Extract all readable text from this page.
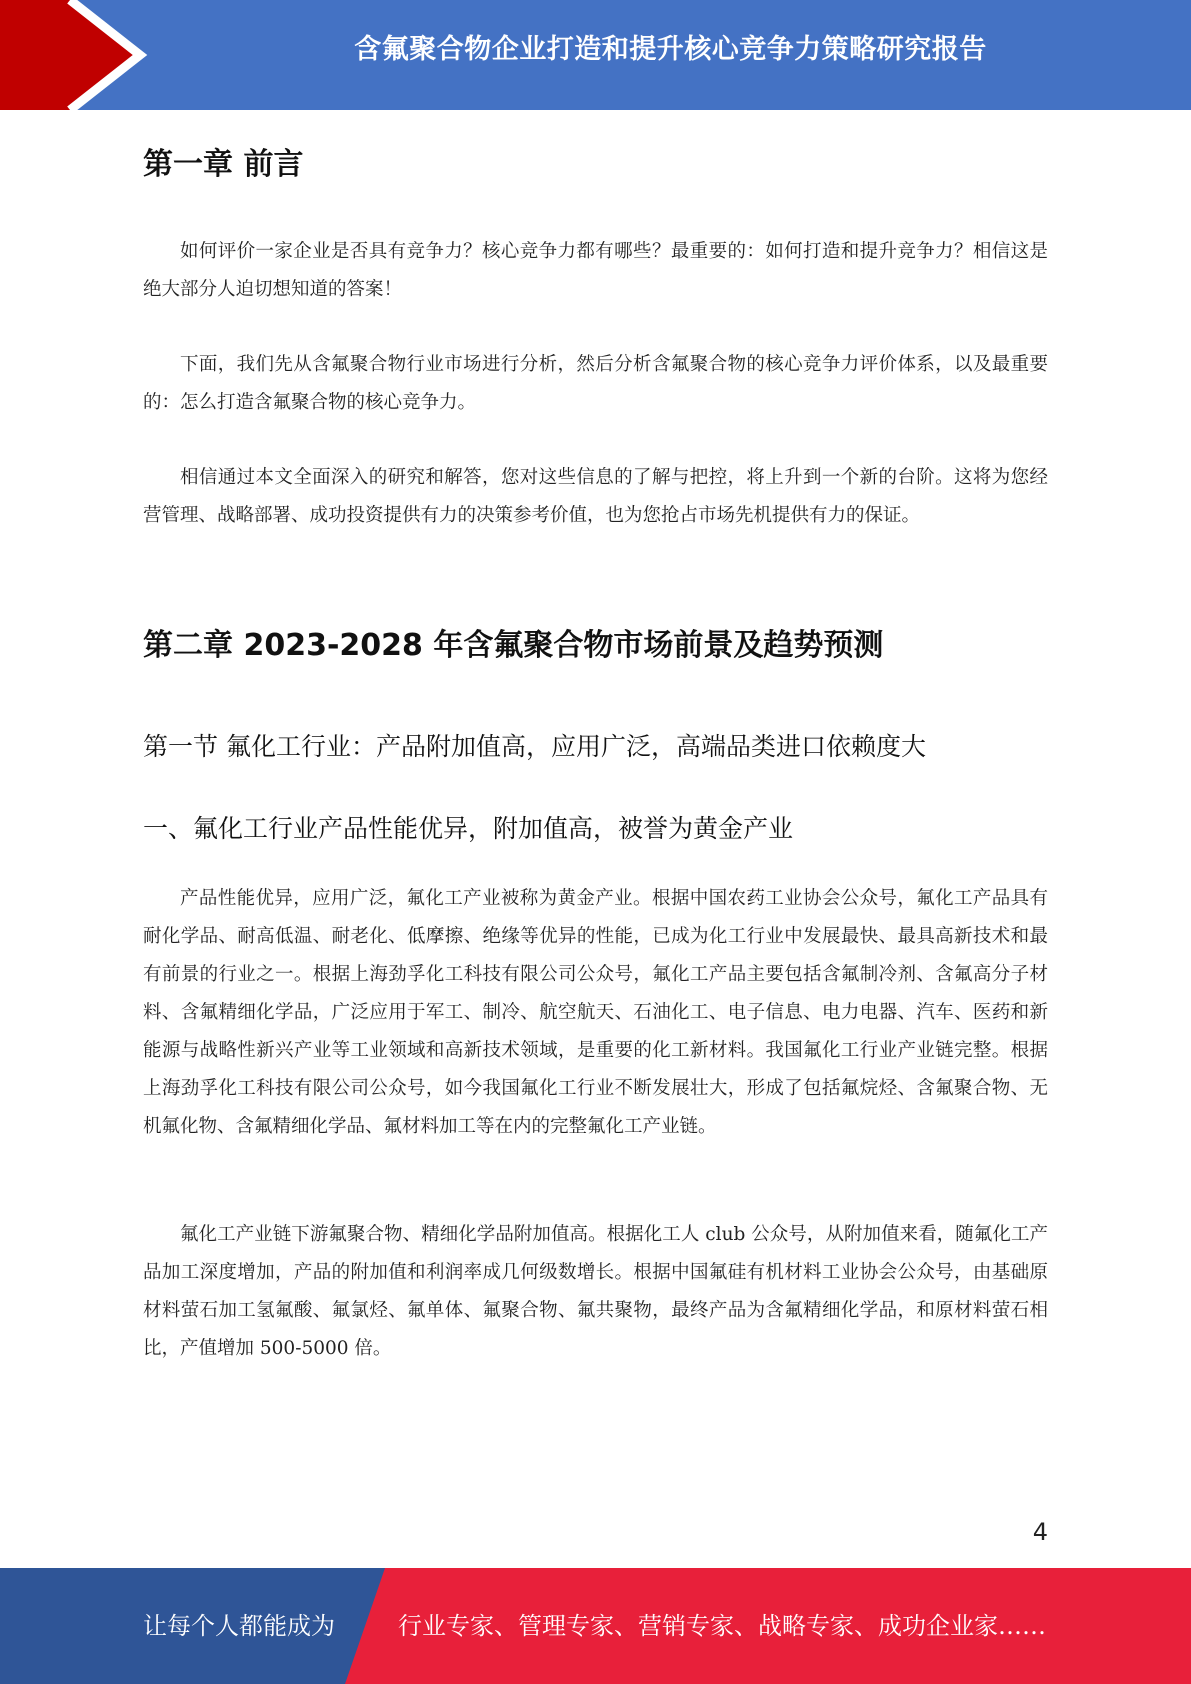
含氟聚合物企业打造和提升核心竞争力策略研究报告
第一章 前言

如何评价一家企业是否具有竞争力？核心竞争力都有哪些？最重要的：如何打造和提升竞争力？相信这是绝大部分人迫切想知道的答案！

下面，我们先从含氟聚合物行业市场进行分析，然后分析含氟聚合物的核心竞争力评价体系，以及最重要的：怎么打造含氟聚合物的核心竞争力。

相信通过本文全面深入的研究和解答，您对这些信息的了解与把控，将上升到一个新的台阶。这将为您经营管理、战略部署、成功投资提供有力的决策参考价值，也为您抢占市场先机提供有力的保证。

第二章 2023-2028 年含氟聚合物市场前景及趋势预测
第一节 氟化工行业：产品附加值高，应用广泛，高端品类进口依赖度大
一、氟化工行业产品性能优异，附加值高，被誉为黄金产业

产品性能优异，应用广泛，氟化工产业被称为黄金产业。根据中国农药工业协会公众号，氟化工产品具有耐化学品、耐高低温、耐老化、低摩擦、绝缘等优异的性能，已成为化工行业中发展最快、最具高新技术和最有前景的行业之一。根据上海劲孚化工科技有限公司公众号，氟化工产品主要包括含氟制冷剂、含氟高分子材料、含氟精细化学品，广泛应用于军工、制冷、航空航天、石油化工、电子信息、电力电器、汽车、医药和新能源与战略性新兴产业等工业领域和高新技术领域，是重要的化工新材料。我国氟化工行业产业链完整。根据上海劲孚化工科技有限公司公众号，如今我国氟化工行业不断发展壮大，形成了包括氟烷烃、含氟聚合物、无机氟化物、含氟精细化学品、氟材料加工等在内的完整氟化工产业链。

氟化工产业链下游氟聚合物、精细化学品附加值高。根据化工人 club 公众号，从附加值来看，随氟化工产品加工深度增加，产品的附加值和利润率成几何级数增长。根据中国氟硅有机材料工业协会公众号，由基础原材料萤石加工氢氟酸、氟氯烃、氟单体、氟聚合物、氟共聚物，最终产品为含氟精细化学品，和原材料萤石相比，产值增加 500-5000 倍。

4
让每个人都能成为	行业专家、管理专家、营销专家、战略专家、成功企业家……
